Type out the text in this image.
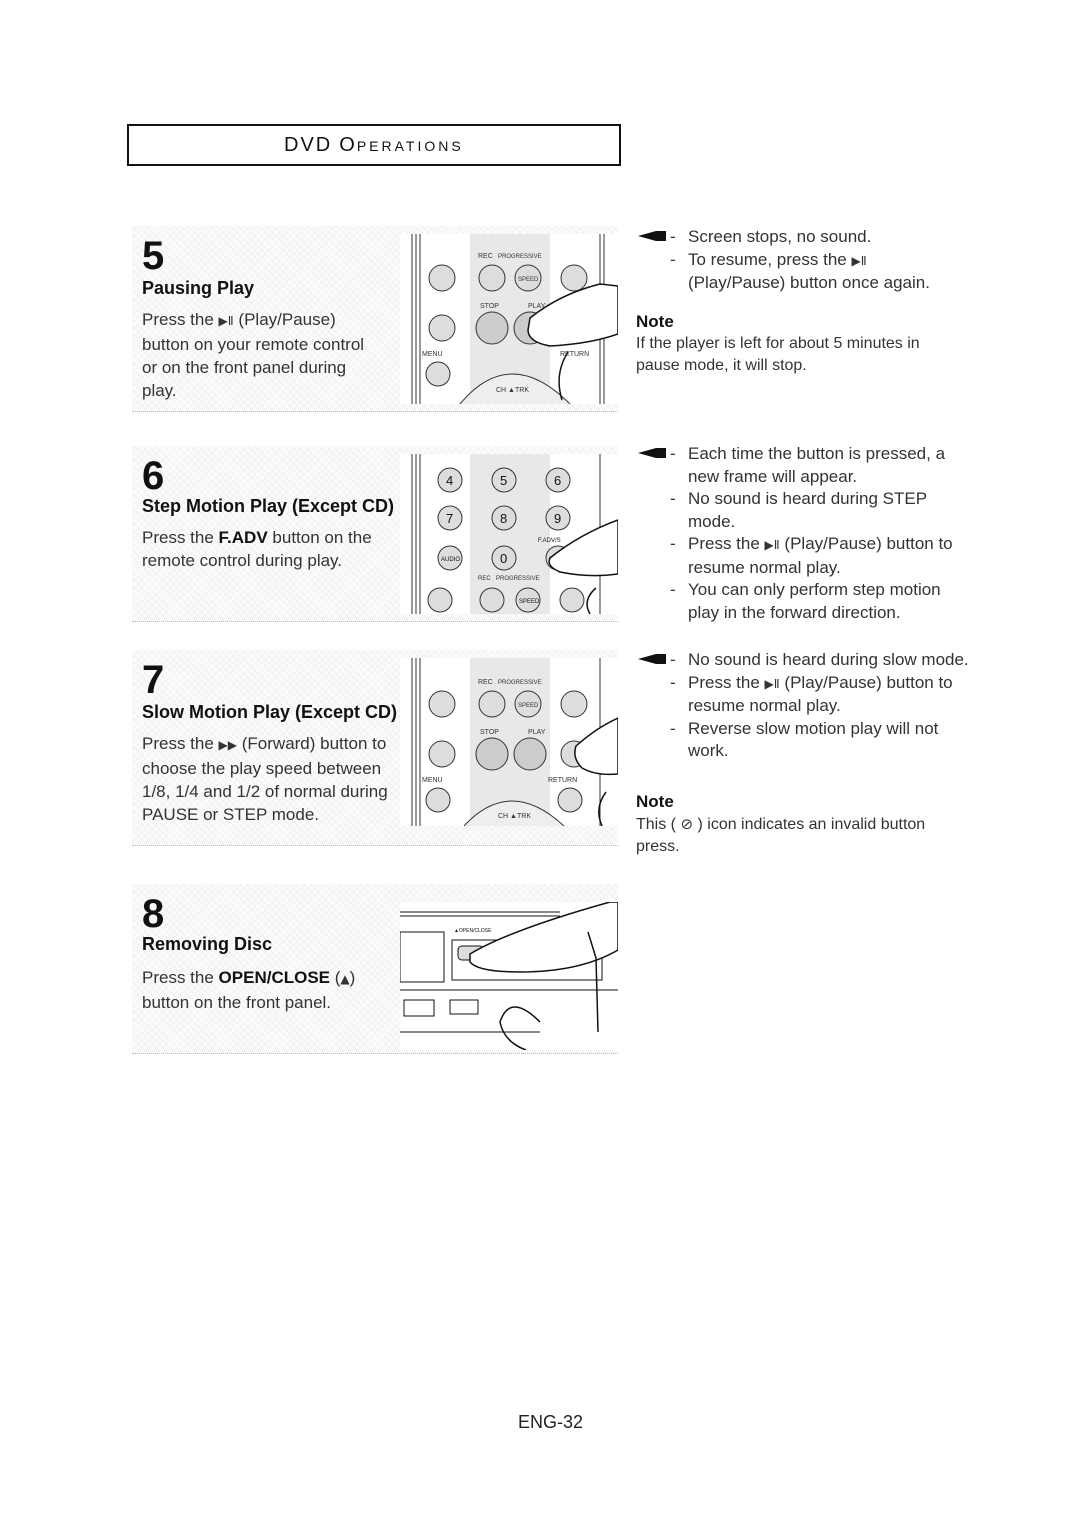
DVD OPERATIONS
5
Pausing Play
Press the ▶Ⅱ (Play/Pause)
button on your remote control
or on the front panel during
play.
REC PROGRESSIVE
SPEED
STOP	PLAY
MENU	RETURN
CH ▲TRK
- Screen stops, no sound.
- To resume, press the ▶Ⅱ
(Play/Pause) button once again.
Note
If the player is left for about 5 minutes in pause mode, it will stop.
6
Step Motion Play (Except CD)
Press the F.ADV button on the
remote control during play.
4	5	6
7	8	9
AUDIO	0
F.ADV/S
REC PROGRESSIVE
SPEED
- Each time the button is pressed, a
new frame will appear.
- No sound is heard during STEP
mode.
- Press the ▶Ⅱ (Play/Pause) button to
resume normal play.
- You can only perform step motion
play in the forward direction.
7
Slow Motion Play (Except CD)
Press the ▶▶ (Forward) button to
choose the play speed between
1/8, 1/4 and 1/2 of normal during
PAUSE or STEP mode.
REC PROGRESSIVE
SPEED
STOP	PLAY
MENU	RETURN
CH ▲TRK
- No sound is heard during slow mode.
- Press the ▶Ⅱ (Play/Pause) button to
resume normal play.
- Reverse slow motion play will not
work.
Note
This ( ⊘ ) icon indicates an invalid button
press.
8
Removing Disc
Press the OPEN/CLOSE (▲)
button on the front panel.
▲OPEN/CLOSE
ENG-32
